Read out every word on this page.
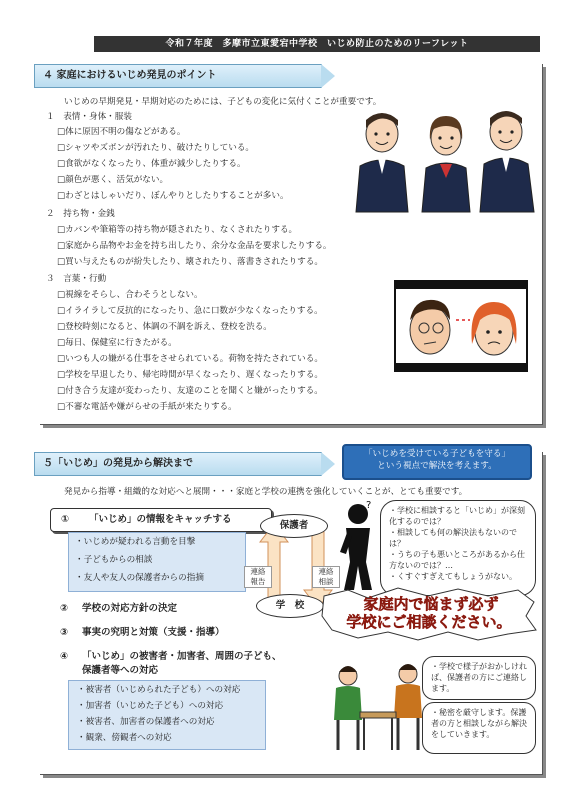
令和７年度　多摩市立東愛宕中学校　いじめ防止のためのリーフレット
４ 家庭におけるいじめ発見のポイント
いじめの早期発見・早期対応のためには、子どもの変化に気付くことが重要です。
１　表情・身体・服装
□体に原因不明の傷などがある。
□シャツやズボンが汚れたり、破けたりしている。
□食欲がなくなったり、体重が減少したりする。
□顔色が悪く、活気がない。
□わざとはしゃいだり、ぼんやりとしたりすることが多い。
２　持ち物・金銭
□カバンや筆箱等の持ち物が隠されたり、なくされたりする。
□家庭から品物やお金を持ち出したり、余分な金品を要求したりする。
□買い与えたものが紛失したり、壊されたり、落書きされたりする。
３　言葉・行動
□視線をそらし、合わそうとしない。
□イライラして反抗的になったり、急に口数が少なくなったりする。
□登校時刻になると、体調の不調を訴え、登校を渋る。
□毎日、保健室に行きたがる。
□いつも人の嫌がる仕事をさせられている。荷物を持たされている。
□学校を早退したり、帰宅時間が早くなったり、遅くなったりする。
□付き合う友達が変わったり、友達のことを聞くと嫌がったりする。
□不審な電話や嫌がらせの手紙が来たりする。
５「いじめ」の発見から解決まで
「いじめを受けている子どもを守る」
という視点で解決を考えます。
発見から指導・組織的な対応へと展開・・・家庭と学校の連携を強化していくことが、とても重要です。
① 「いじめ」の情報をキャッチする
・いじめが疑われる言動を目撃
・子どもからの相談
・友人や友人の保護者からの指摘
② 学校の対応方針の決定
③ 事実の究明と対策（支援・指導）
④ 「いじめ」の被害者・加害者、周囲の子ども、
保護者等への対応
・被害者（いじめられた子ども）への対応
・加害者（いじめた子ども）への対応
・被害者、加害者の保護者への対応
・観衆、傍観者への対応
保護者
学　校
連絡
報告
連絡
相談
? ・学校に相談すると「いじめ」が深刻化するのでは？
・相談しても何の解決法もないのでは？
・うちの子も悪いところがあるから仕方ないのでは？…
・くすぐすぎえてもしょうがない。
家庭内で悩まず必ず
学校にご相談ください。
・学校で様子がおかしければ、保護者の方にご連絡します。
・秘密を厳守します。保護者の方と相談しながら解決をしていきます。
